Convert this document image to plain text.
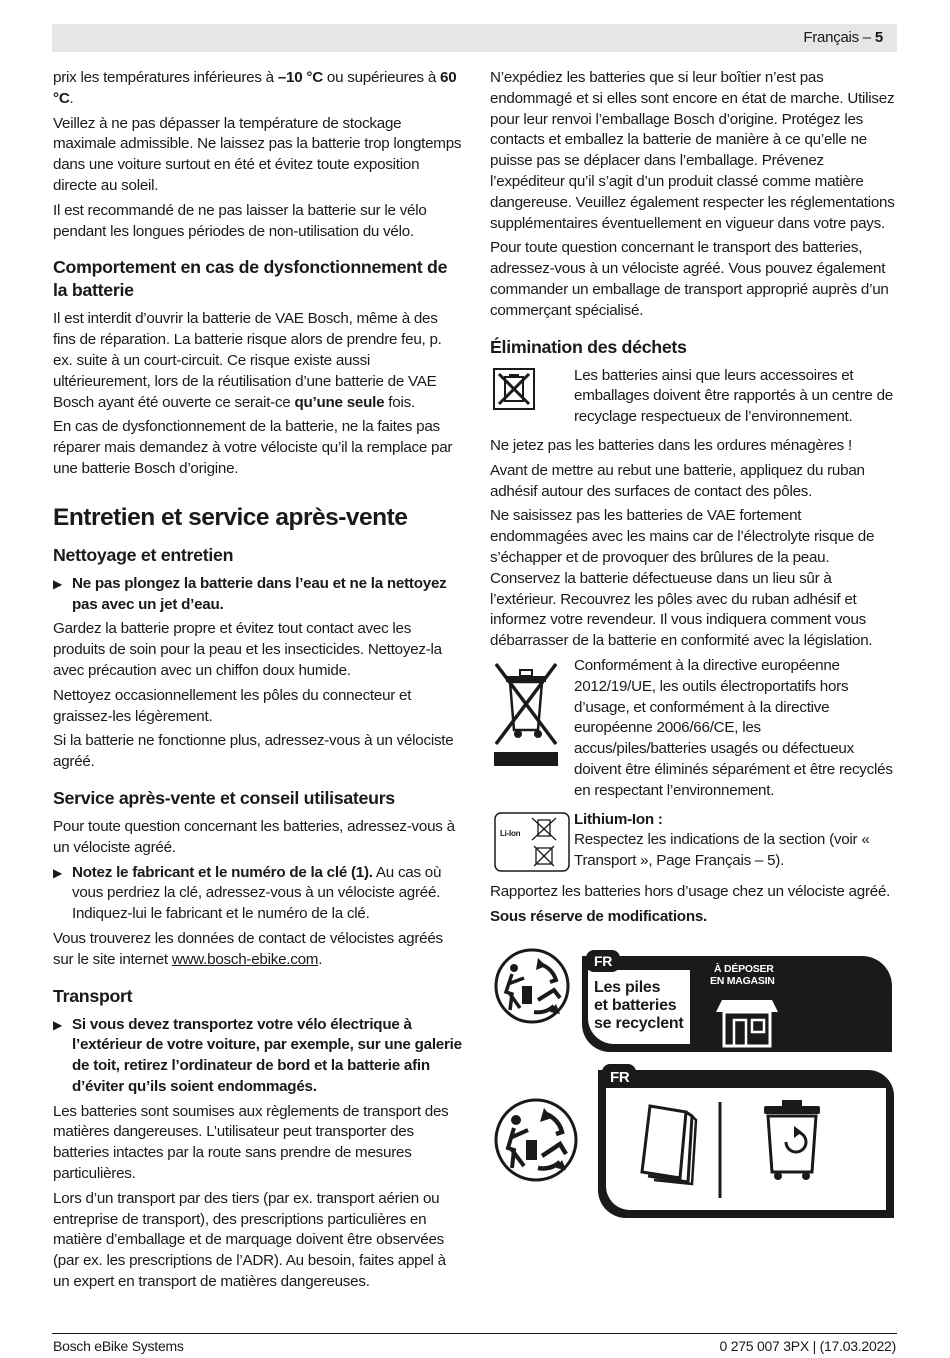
Français – 5

prix les températures inférieures à –10 °C ou supérieures à 60 °C.

Veillez à ne pas dépasser la température de stockage maximale admissible. Ne laissez pas la batterie trop longtemps dans une voiture surtout en été et évitez toute exposition directe au soleil.

Il est recommandé de ne pas laisser la batterie sur le vélo pendant les longues périodes de non-utilisation du vélo.

Comportement en cas de dysfonctionnement de la batterie

Il est interdit d’ouvrir la batterie de VAE Bosch, même à des fins de réparation. La batterie risque alors de prendre feu, p. ex. suite à un court-circuit. Ce risque existe aussi ultérieurement, lors de la réutilisation d’une batterie de VAE Bosch ayant été ouverte ce serait-ce qu’une seule fois.

En cas de dysfonctionnement de la batterie, ne la faites pas réparer mais demandez à votre vélociste qu’il la remplace par une batterie Bosch d’origine.

Entretien et service après-vente
Nettoyage et entretien
▶ Ne pas plongez la batterie dans l’eau et ne la nettoyez pas avec un jet d’eau.

Gardez la batterie propre et évitez tout contact avec les produits de soin pour la peau et les insecticides. Nettoyez-la avec précaution avec un chiffon doux humide.

Nettoyez occasionnellement les pôles du connecteur et graissez-les légèrement.

Si la batterie ne fonctionne plus, adressez-vous à un vélociste agréé.

Service après-vente et conseil utilisateurs

Pour toute question concernant les batteries, adressez-vous à un vélociste agréé.

▶ Notez le fabricant et le numéro de la clé (1). Au cas où vous perdriez la clé, adressez-vous à un vélociste agréé. Indiquez-lui le fabricant et le numéro de la clé.

Vous trouverez les données de contact de vélocistes agréés sur le site internet www.bosch-ebike.com.

Transport
▶ Si vous devez transportez votre vélo électrique à l’extérieur de votre voiture, par exemple, sur une galerie de toit, retirez l’ordinateur de bord et la batterie afin d’éviter qu’ils soient endommagés.

Les batteries sont soumises aux règlements de transport des matières dangereuses. L’utilisateur peut transporter des batteries intactes par la route sans prendre de mesures particulières.

Lors d’un transport par des tiers (par ex. transport aérien ou entreprise de transport), des prescriptions particulières en matière d’emballage et de marquage doivent être observées (par ex. les prescriptions de l’ADR). Au besoin, faites appel à un expert en transport de matières dangereuses.

N’expédiez les batteries que si leur boîtier n’est pas endommagé et si elles sont encore en état de marche. Utilisez pour leur renvoi l’emballage Bosch d’origine. Protégez les contacts et emballez la batterie de manière à ce qu’elle ne puisse pas se déplacer dans l’emballage. Prévenez l’expéditeur qu’il s’agit d’un produit classé comme matière dangereuse. Veuillez également respecter les réglementations supplémentaires éventuellement en vigueur dans votre pays.

Pour toute question concernant le transport des batteries, adressez-vous à un vélociste agréé. Vous pouvez également commander un emballage de transport approprié auprès d’un commerçant spécialisé.

Élimination des déchets

Les batteries ainsi que leurs accessoires et emballages doivent être rapportés à un centre de recyclage respectueux de l’environnement.

Ne jetez pas les batteries dans les ordures ménagères !

Avant de mettre au rebut une batterie, appliquez du ruban adhésif autour des surfaces de contact des pôles.

Ne saisissez pas les batteries de VAE fortement endommagées avec les mains car de l’électrolyte risque de s’échapper et de provoquer des brûlures de la peau. Conservez la batterie défectueuse dans un lieu sûr à l’extérieur. Recouvrez les pôles avec du ruban adhésif et informez votre revendeur. Il vous indiquera comment vous débarrasser de la batterie en conformité avec la législation.

Conformément à la directive européenne 2012/19/UE, les outils électroportatifs hors d’usage, et conformément à la directive européenne 2006/66/CE, les accus/piles/batteries usagés ou défectueux doivent être éliminés séparément et être recyclés en respectant l’environnement.

Li-Ion

Lithium-Ion :

Respectez les indications de la section (voir « Transport », Page Français – 5).

Rapportez les batteries hors d’usage chez un vélociste agréé.

Sous réserve de modifications.

FR
Les piles
et batteries
se recyclent
À DÉPOSER
EN MAGASIN
FR
Bosch eBike Systems	0 275 007 3PX | (17.03.2022)
